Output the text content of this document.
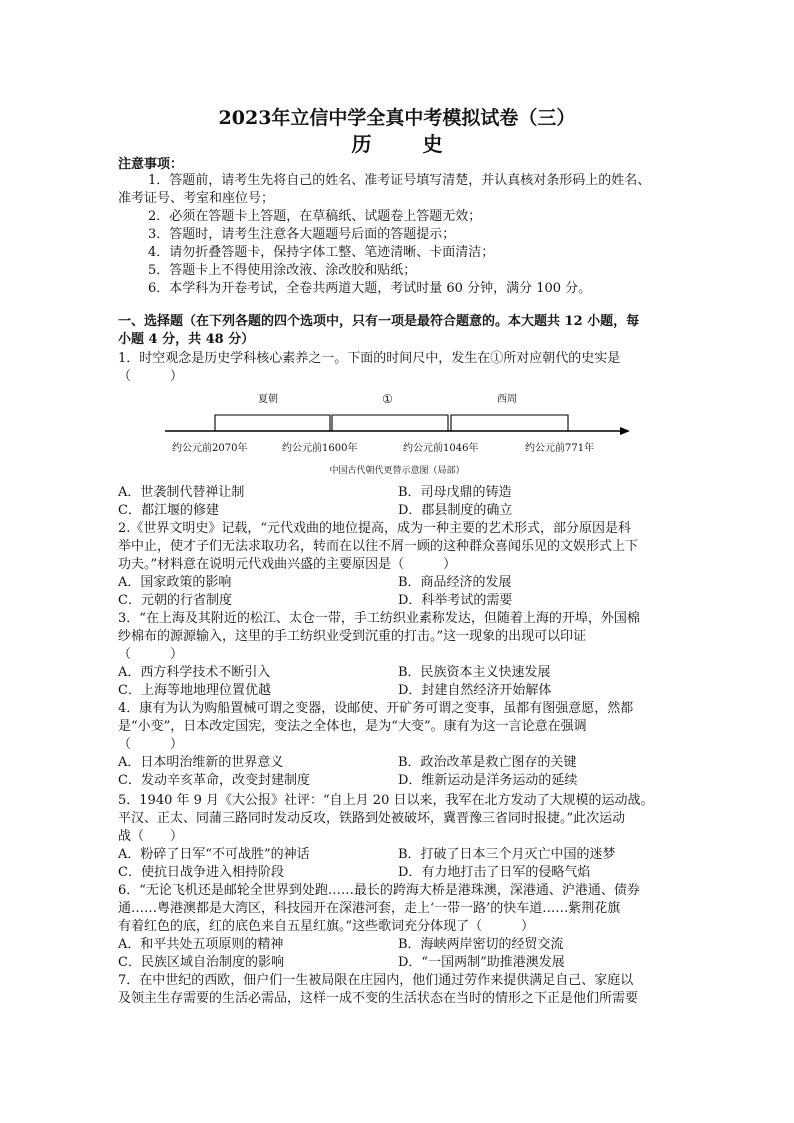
2023年立信中学全真中考模拟试卷（三）
历 史
注意事项：
1．答题前，请考生先将自己的姓名、准考证号填写清楚，并认真核对条形码上的姓名、
准考证号、考室和座位号；
2．必须在答题卡上答题，在草稿纸、试题卷上答题无效；
3．答题时，请考生注意各大题题号后面的答题提示；
4．请勿折叠答题卡，保持字体工整、笔迹清晰、卡面清洁；
5．答题卡上不得使用涂改液、涂改胶和贴纸；
6．本学科为开卷考试，全卷共两道大题，考试时量 60 分钟，满分 100 分。
一、选择题（在下列各题的四个选项中，只有一项是最符合题意的。本大题共 12 小题，每
小题 4 分，共 48 分）
1．时空观念是历史学科核心素养之一。下面的时间尺中，发生在①所对应朝代的史实是
（　　　）
夏朝	①	西周
约公元前2070年	约公元前1600年	约公元前1046年	约公元前771年
中国古代朝代更替示意图（局部）
A．世袭制代替禅让制	B．司母戊鼎的铸造
C．都江堰的修建	D．郡县制度的确立
2.《世界文明史》记载，“元代戏曲的地位提高，成为一种主要的艺术形式，部分原因是科
举中止，使才子们无法求取功名，转而在以往不屑一顾的这种群众喜闻乐见的文娱形式上下
功夫。”材料意在说明元代戏曲兴盛的主要原因是（　　　）
A．国家政策的影响	B．商品经济的发展
C．元朝的行省制度	D．科举考试的需要
3．“在上海及其附近的松江、太仓一带，手工纺织业素称发达，但随着上海的开埠，外国棉
纱棉布的源源输入，这里的手工纺织业受到沉重的打击。”这一现象的出现可以印证
（　　　）
A．西方科学技术不断引入	B．民族资本主义快速发展
C．上海等地地理位置优越	D．封建自然经济开始解体
4．康有为认为购船置械可谓之变器，设邮使、开矿务可谓之变事，虽都有图强意愿，然都
是“小变”，日本改定国宪，变法之全体也，是为“大变”。康有为这一言论意在强调
（　　　）
A．日本明治维新的世界意义	B．政治改革是救亡图存的关键
C．发动辛亥革命，改变封建制度	D．维新运动是洋务运动的延续
5．1940 年 9 月《大公报》社评：“自上月 20 日以来，我军在北方发动了大规模的运动战。
平汉、正太、同蒲三路同时发动反攻，铁路到处被破坏，冀晋豫三省同时报捷。”此次运动
战（　　）
A．粉碎了日军“不可战胜”的神话	B．打破了日本三个月灭亡中国的迷梦
C．使抗日战争进入相持阶段	D．有力地打击了日军的侵略气焰
6．“无论飞机还是邮轮全世界到处跑……最长的跨海大桥是港珠澳，深港通、沪港通、债券
通……粤港澳都是大湾区，科技园开在深港河套，走上‘一带一路’的快车道……紫荆花旗
有着红色的底，红的底色来自五星红旗。”这些歌词充分体现了（　　　）
A．和平共处五项原则的精神	B．海峡两岸密切的经贸交流
C．民族区域自治制度的影响	D．“一国两制”助推港澳发展
7．在中世纪的西欧，佃户们一生被局限在庄园内，他们通过劳作来提供满足自己、家庭以
及领主生存需要的生活必需品，这样一成不变的生活状态在当时的情形之下正是他们所需要
